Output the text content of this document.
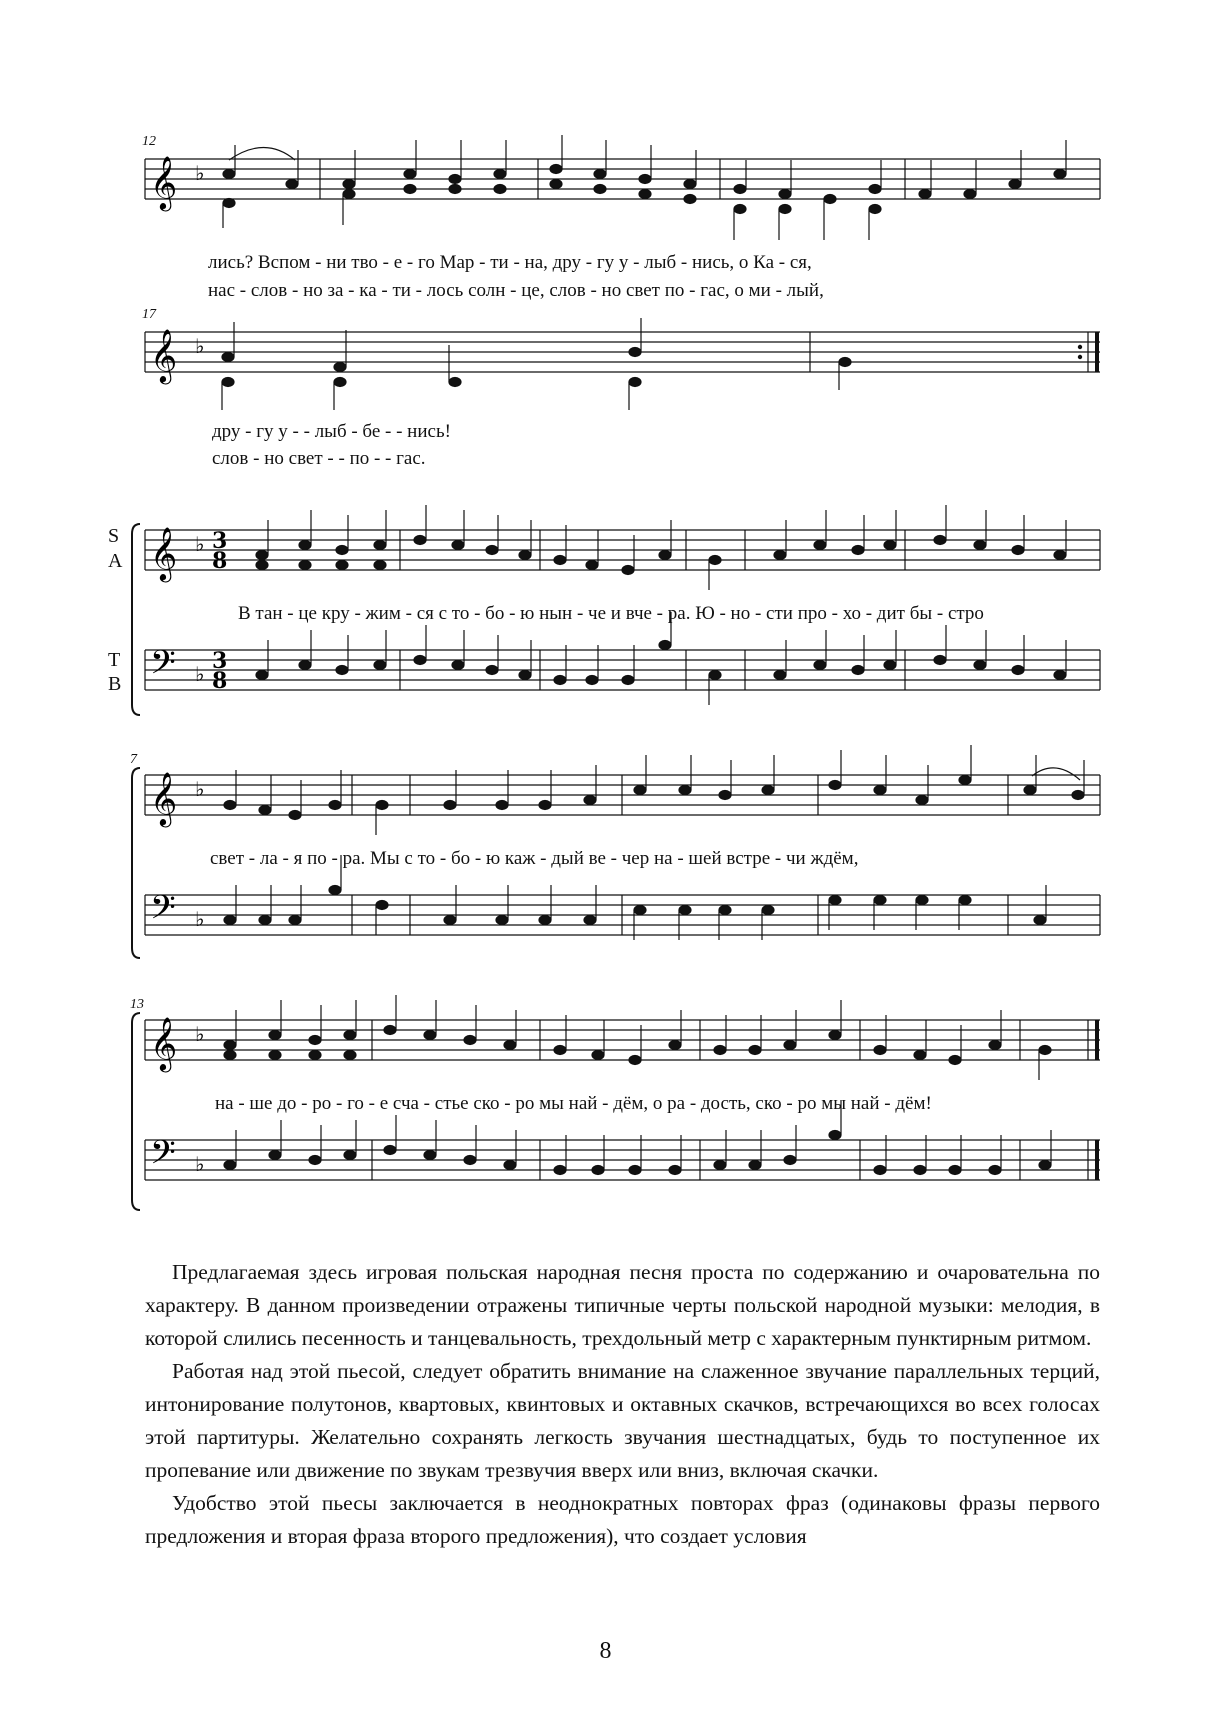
𝄞 ♭
12
лись? Вспом - ни тво - е - го Мар - ти - на, дру - гу у - лыб - нись, о Ка - ся,
нас - слов - но за - ка - ти - лось солн - це, слов - но свет по - гас, о ми - лый,
𝄞 ♭
17
дру - гу у - - лыб - бе - - нись!
слов - но свет - - по - - гас.
𝄞 ♭
𝄢 ♭
3
8
3
8
S
A
T
B
В тан - це кру - жим - ся с то - бо - ю нын - че и вче - ра. Ю - но - сти про - хо - дит бы - стро
𝄞 ♭
𝄢 ♭
7
свет - ла - я по - ра. Мы с то - бо - ю каж - дый ве - чер на - шей встре - чи ждём,
𝄞 ♭
𝄢 ♭
13
на - ше до - ро - го - е сча - стье ско - ро мы най - дём, о ра - дость, ско - ро мы най - дём!

Предлагаемая здесь игровая польская народная песня проста по содержанию и очаровательна по характеру. В данном произведении отражены типичные черты польской народной музыки: мелодия, в которой слились песенность и танцевальность, трехдольный метр с характерным пунктирным ритмом.

Работая над этой пьесой, следует обратить внимание на слаженное звучание параллельных терций, интонирование полутонов, квартовых, квинтовых и октавных скачков, встречающихся во всех голосах этой партитуры. Желательно сохранять легкость звучания шестнадцатых, будь то поступенное их пропевание или движение по звукам трезвучия вверх или вниз, включая скачки.

Удобство этой пьесы заключается в неоднократных повторах фраз (одинаковы фразы первого предложения и вторая фраза второго предложения), что создает условия

8
